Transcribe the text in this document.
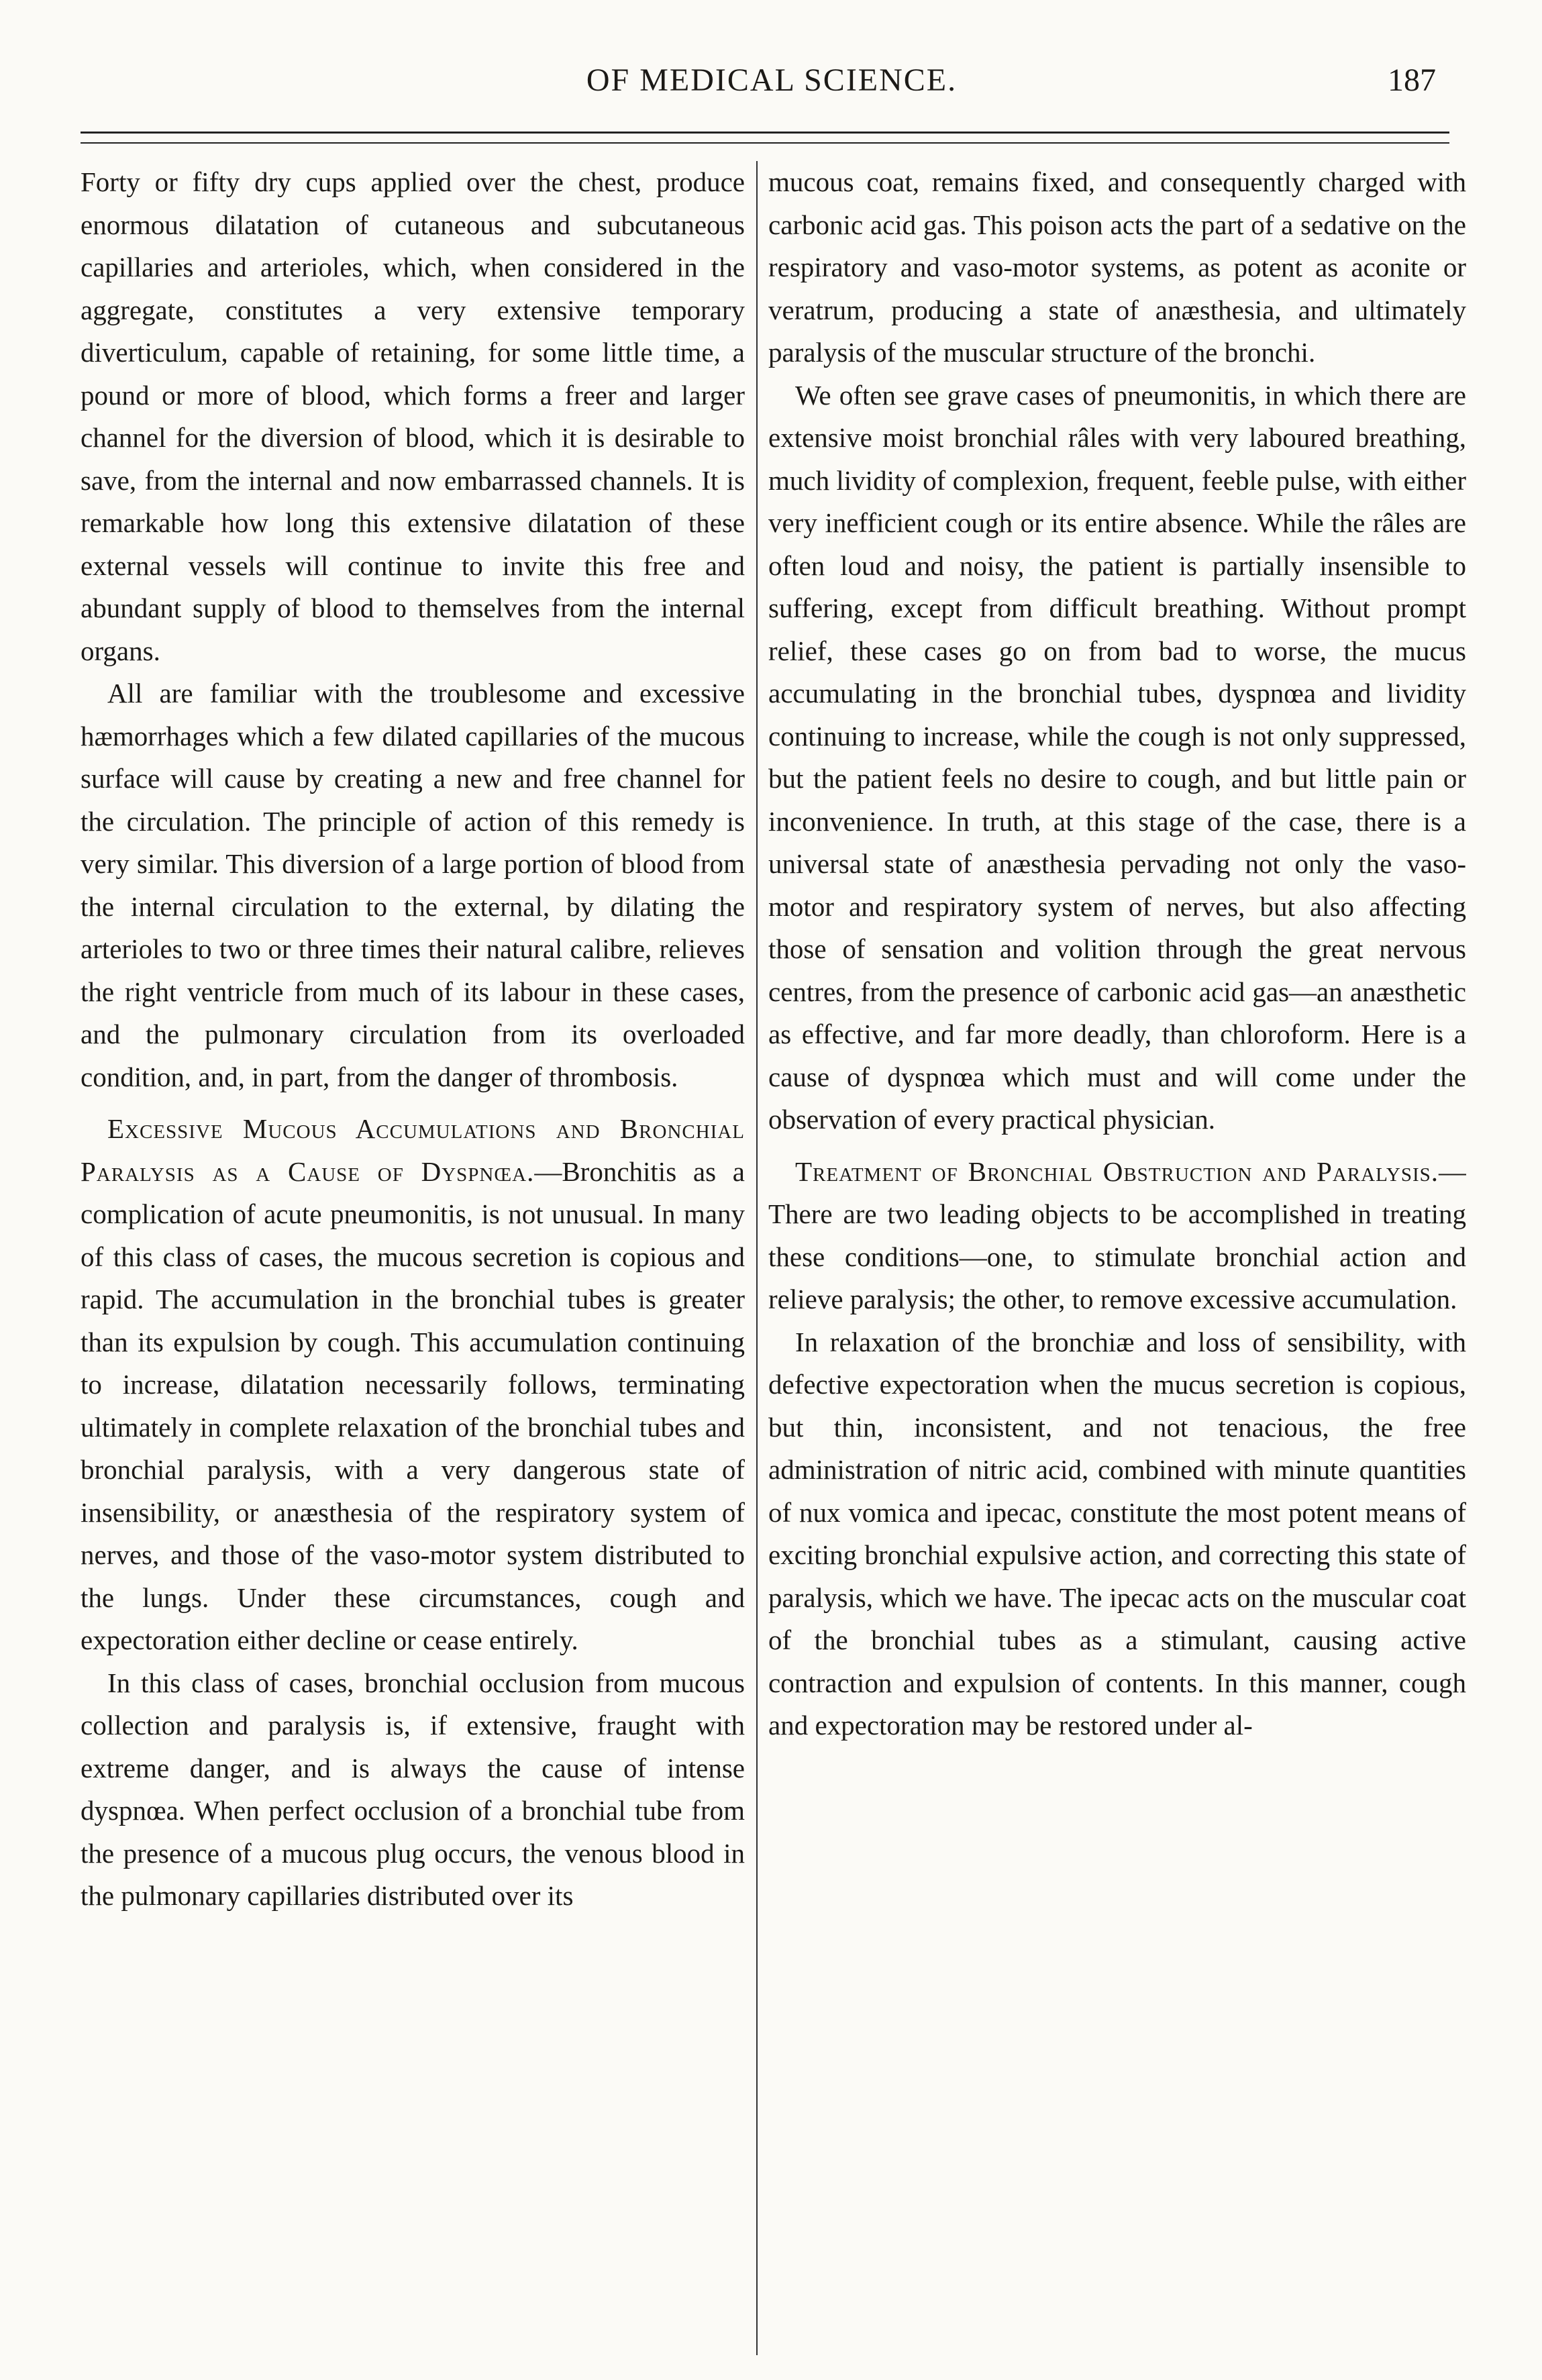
OF MEDICAL SCIENCE.	187

Forty or fifty dry cups applied over the chest, produce enormous dilatation of cutaneous and subcutaneous capillaries and arterioles, which, when considered in the aggregate, constitutes a very extensive temporary diverticulum, capable of retaining, for some little time, a pound or more of blood, which forms a freer and larger channel for the diversion of blood, which it is desirable to save, from the internal and now embarrassed channels. It is remarkable how long this extensive dilatation of these external vessels will continue to invite this free and abundant supply of blood to themselves from the internal organs.

All are familiar with the troublesome and excessive hæmorrhages which a few dilated capillaries of the mucous surface will cause by creating a new and free channel for the circulation. The principle of action of this remedy is very similar. This diversion of a large portion of blood from the internal circulation to the external, by dilating the arterioles to two or three times their natural calibre, relieves the right ventricle from much of its labour in these cases, and the pulmonary circulation from its overloaded condition, and, in part, from the danger of thrombosis.

Excessive Mucous Accumulations and Bronchial Paralysis as a Cause of Dyspnœa.—Bronchitis as a complication of acute pneumonitis, is not unusual. In many of this class of cases, the mucous secretion is copious and rapid. The accumulation in the bronchial tubes is greater than its expulsion by cough. This accumulation continuing to increase, dilatation necessarily follows, terminating ultimately in complete relaxation of the bronchial tubes and bronchial paralysis, with a very dangerous state of insensibility, or anæsthesia of the respiratory system of nerves, and those of the vaso-motor system distributed to the lungs. Under these circumstances, cough and expectoration either decline or cease entirely.

In this class of cases, bronchial occlusion from mucous collection and paralysis is, if extensive, fraught with extreme danger, and is always the cause of intense dyspnœa. When perfect occlusion of a bronchial tube from the presence of a mucous plug occurs, the venous blood in the pulmonary capillaries distributed over its

mucous coat, remains fixed, and consequently charged with carbonic acid gas. This poison acts the part of a sedative on the respiratory and vaso-motor systems, as potent as aconite or veratrum, producing a state of anæsthesia, and ultimately paralysis of the muscular structure of the bronchi.

We often see grave cases of pneumonitis, in which there are extensive moist bronchial râles with very laboured breathing, much lividity of complexion, frequent, feeble pulse, with either very inefficient cough or its entire absence. While the râles are often loud and noisy, the patient is partially insensible to suffering, except from difficult breathing. Without prompt relief, these cases go on from bad to worse, the mucus accumulating in the bronchial tubes, dyspnœa and lividity continuing to increase, while the cough is not only suppressed, but the patient feels no desire to cough, and but little pain or inconvenience. In truth, at this stage of the case, there is a universal state of anæsthesia pervading not only the vaso-motor and respiratory system of nerves, but also affecting those of sensation and volition through the great nervous centres, from the presence of carbonic acid gas—an anæsthetic as effective, and far more deadly, than chloroform. Here is a cause of dyspnœa which must and will come under the observation of every practical physician.

Treatment of Bronchial Obstruction and Paralysis.—There are two leading objects to be accomplished in treating these conditions—one, to stimulate bronchial action and relieve paralysis; the other, to remove excessive accumulation.

In relaxation of the bronchiæ and loss of sensibility, with defective expectoration when the mucus secretion is copious, but thin, inconsistent, and not tenacious, the free administration of nitric acid, combined with minute quantities of nux vomica and ipecac, constitute the most potent means of exciting bronchial expulsive action, and correcting this state of paralysis, which we have. The ipecac acts on the muscular coat of the bronchial tubes as a stimulant, causing active contraction and expulsion of contents. In this manner, cough and expectoration may be restored under al-
